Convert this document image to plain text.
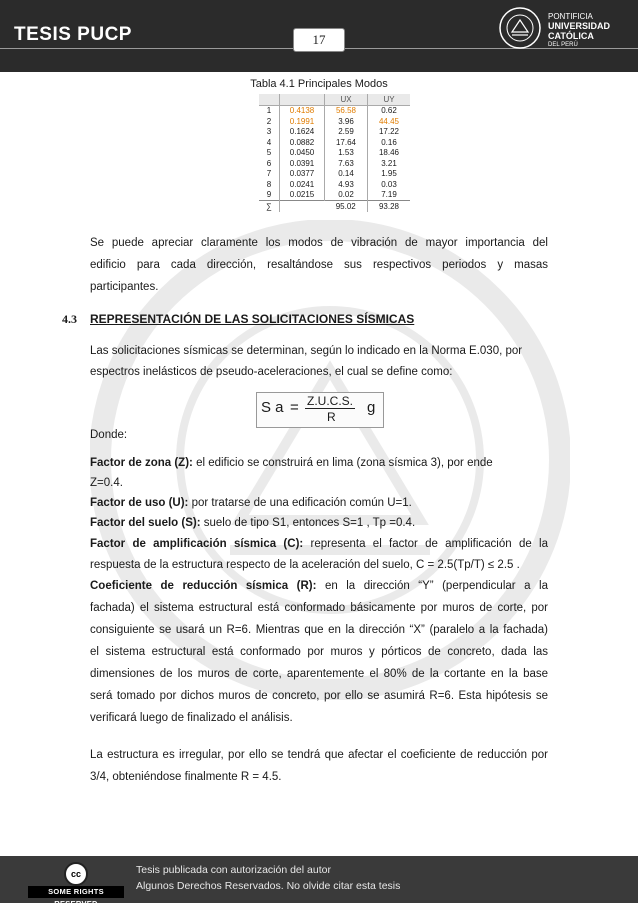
TESIS PUCP	17
PONTIFICIA
UNIVERSIDAD
CATÓLICA
DEL PERÚ
Tabla 4.1 Principales Modos
		UX	UY
1	0.4138	56.58	0.62
2	0.1991	3.96	44.45
3	0.1624	2.59	17.22
4	0.0882	17.64	0.16
5	0.0450	1.53	18.46
6	0.0391	7.63	3.21
7	0.0377	0.14	1.95
8	0.0241	4.93	0.03
9	0.0215	0.02	7.19
∑		95.02	93.28
Se puede apreciar claramente los modos de vibración de mayor importancia del
edificio para cada dirección, resaltándose sus respectivos periodos y masas
participantes.
4.3 REPRESENTACIÓN DE LAS SOLICITACIONES SÍSMICAS
Las solicitaciones sísmicas se determinan, según lo indicado en la Norma E.030, por
espectros inelásticos de pseudo-aceleraciones, el cual se define como:
S a = Z.U.C.S.
R
g
Donde:
Factor de zona (Z): el edificio se construirá en lima (zona sísmica 3), por ende
Z=0.4.
Factor de uso (U): por tratarse de una edificación común U=1.
Factor del suelo (S): suelo de tipo S1, entonces S=1 , Tp =0.4.
Factor de amplificación sísmica (C): representa el factor de amplificación de la
respuesta de la estructura respecto de la aceleración del suelo, C = 2.5(Tp/T) ≤ 2.5 .
Coeficiente de reducción sísmica (R): en la dirección “Y” (perpendicular a la
fachada) el sistema estructural está conformado básicamente por muros de corte, por
consiguiente se usará un R=6. Mientras que en la dirección “X” (paralelo a la fachada)
el sistema estructural está conformado por muros y pórticos de concreto, dada las
dimensiones de los muros de corte, aparentemente el 80% de la cortante en la base
será tomado por dichos muros de concreto, por ello se asumirá R=6. Esta hipótesis se
verificará luego de finalizado el análisis.
La estructura es irregular, por ello se tendrá que afectar el coeficiente de reducción por
3/4, obteniéndose finalmente R = 4.5.
cc
SOME RIGHTS RESERVED
Tesis publicada con autorización del autor
Algunos Derechos Reservados. No olvide citar esta tesis
